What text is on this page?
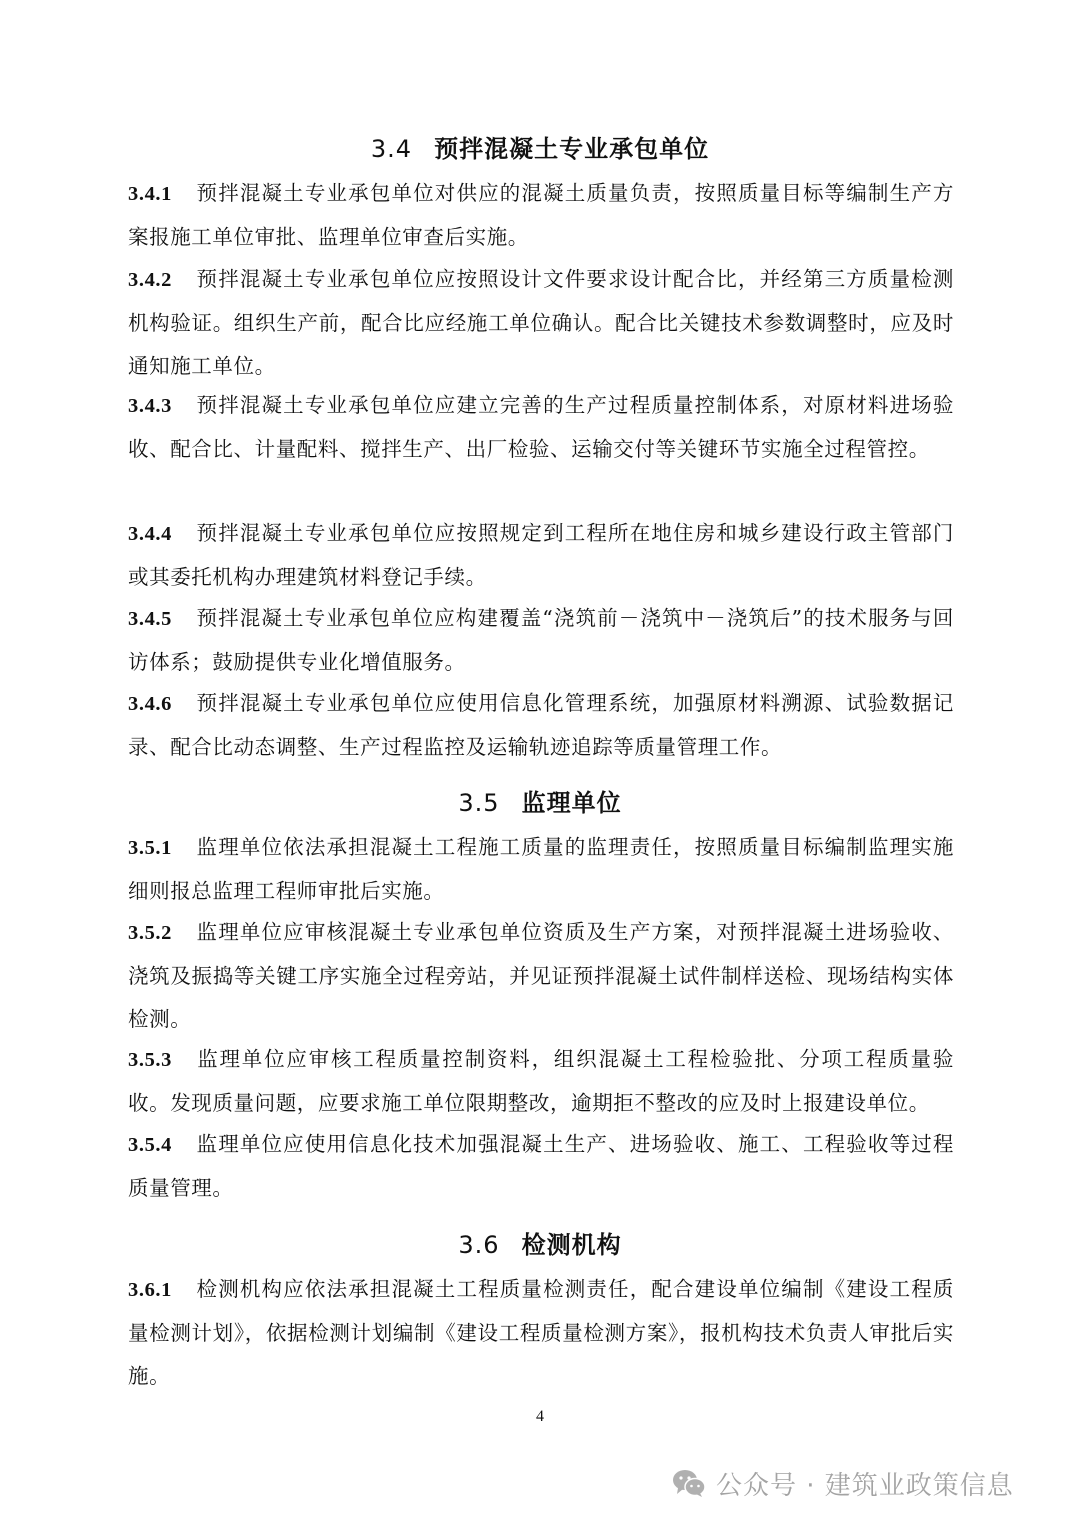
3.4 预拌混凝土专业承包单位

3.4.1 预拌混凝土专业承包单位对供应的混凝土质量负责，按照质量目标等编制生产方案报施工单位审批、监理单位审查后实施。

3.4.2 预拌混凝土专业承包单位应按照设计文件要求设计配合比，并经第三方质量检测机构验证。组织生产前，配合比应经施工单位确认。配合比关键技术参数调整时，应及时通知施工单位。

3.4.3 预拌混凝土专业承包单位应建立完善的生产过程质量控制体系，对原材料进场验收、配合比、计量配料、搅拌生产、出厂检验、运输交付等关键环节实施全过程管控。

3.4.4 预拌混凝土专业承包单位应按照规定到工程所在地住房和城乡建设行政主管部门或其委托机构办理建筑材料登记手续。

3.4.5 预拌混凝土专业承包单位应构建覆盖“浇筑前－浇筑中－浇筑后”的技术服务与回访体系；鼓励提供专业化增值服务。

3.4.6 预拌混凝土专业承包单位应使用信息化管理系统，加强原材料溯源、试验数据记录、配合比动态调整、生产过程监控及运输轨迹追踪等质量管理工作。

3.5 监理单位

3.5.1 监理单位依法承担混凝土工程施工质量的监理责任，按照质量目标编制监理实施细则报总监理工程师审批后实施。

3.5.2 监理单位应审核混凝土专业承包单位资质及生产方案，对预拌混凝土进场验收、浇筑及振捣等关键工序实施全过程旁站，并见证预拌混凝土试件制样送检、现场结构实体检测。

3.5.3 监理单位应审核工程质量控制资料，组织混凝土工程检验批、分项工程质量验收。发现质量问题，应要求施工单位限期整改，逾期拒不整改的应及时上报建设单位。

3.5.4 监理单位应使用信息化技术加强混凝土生产、进场验收、施工、工程验收等过程质量管理。

3.6 检测机构

3.6.1 检测机构应依法承担混凝土工程质量检测责任，配合建设单位编制《建设工程质量检测计划》，依据检测计划编制《建设工程质量检测方案》，报机构技术负责人审批后实施。

4

公众号 · 建筑业政策信息
